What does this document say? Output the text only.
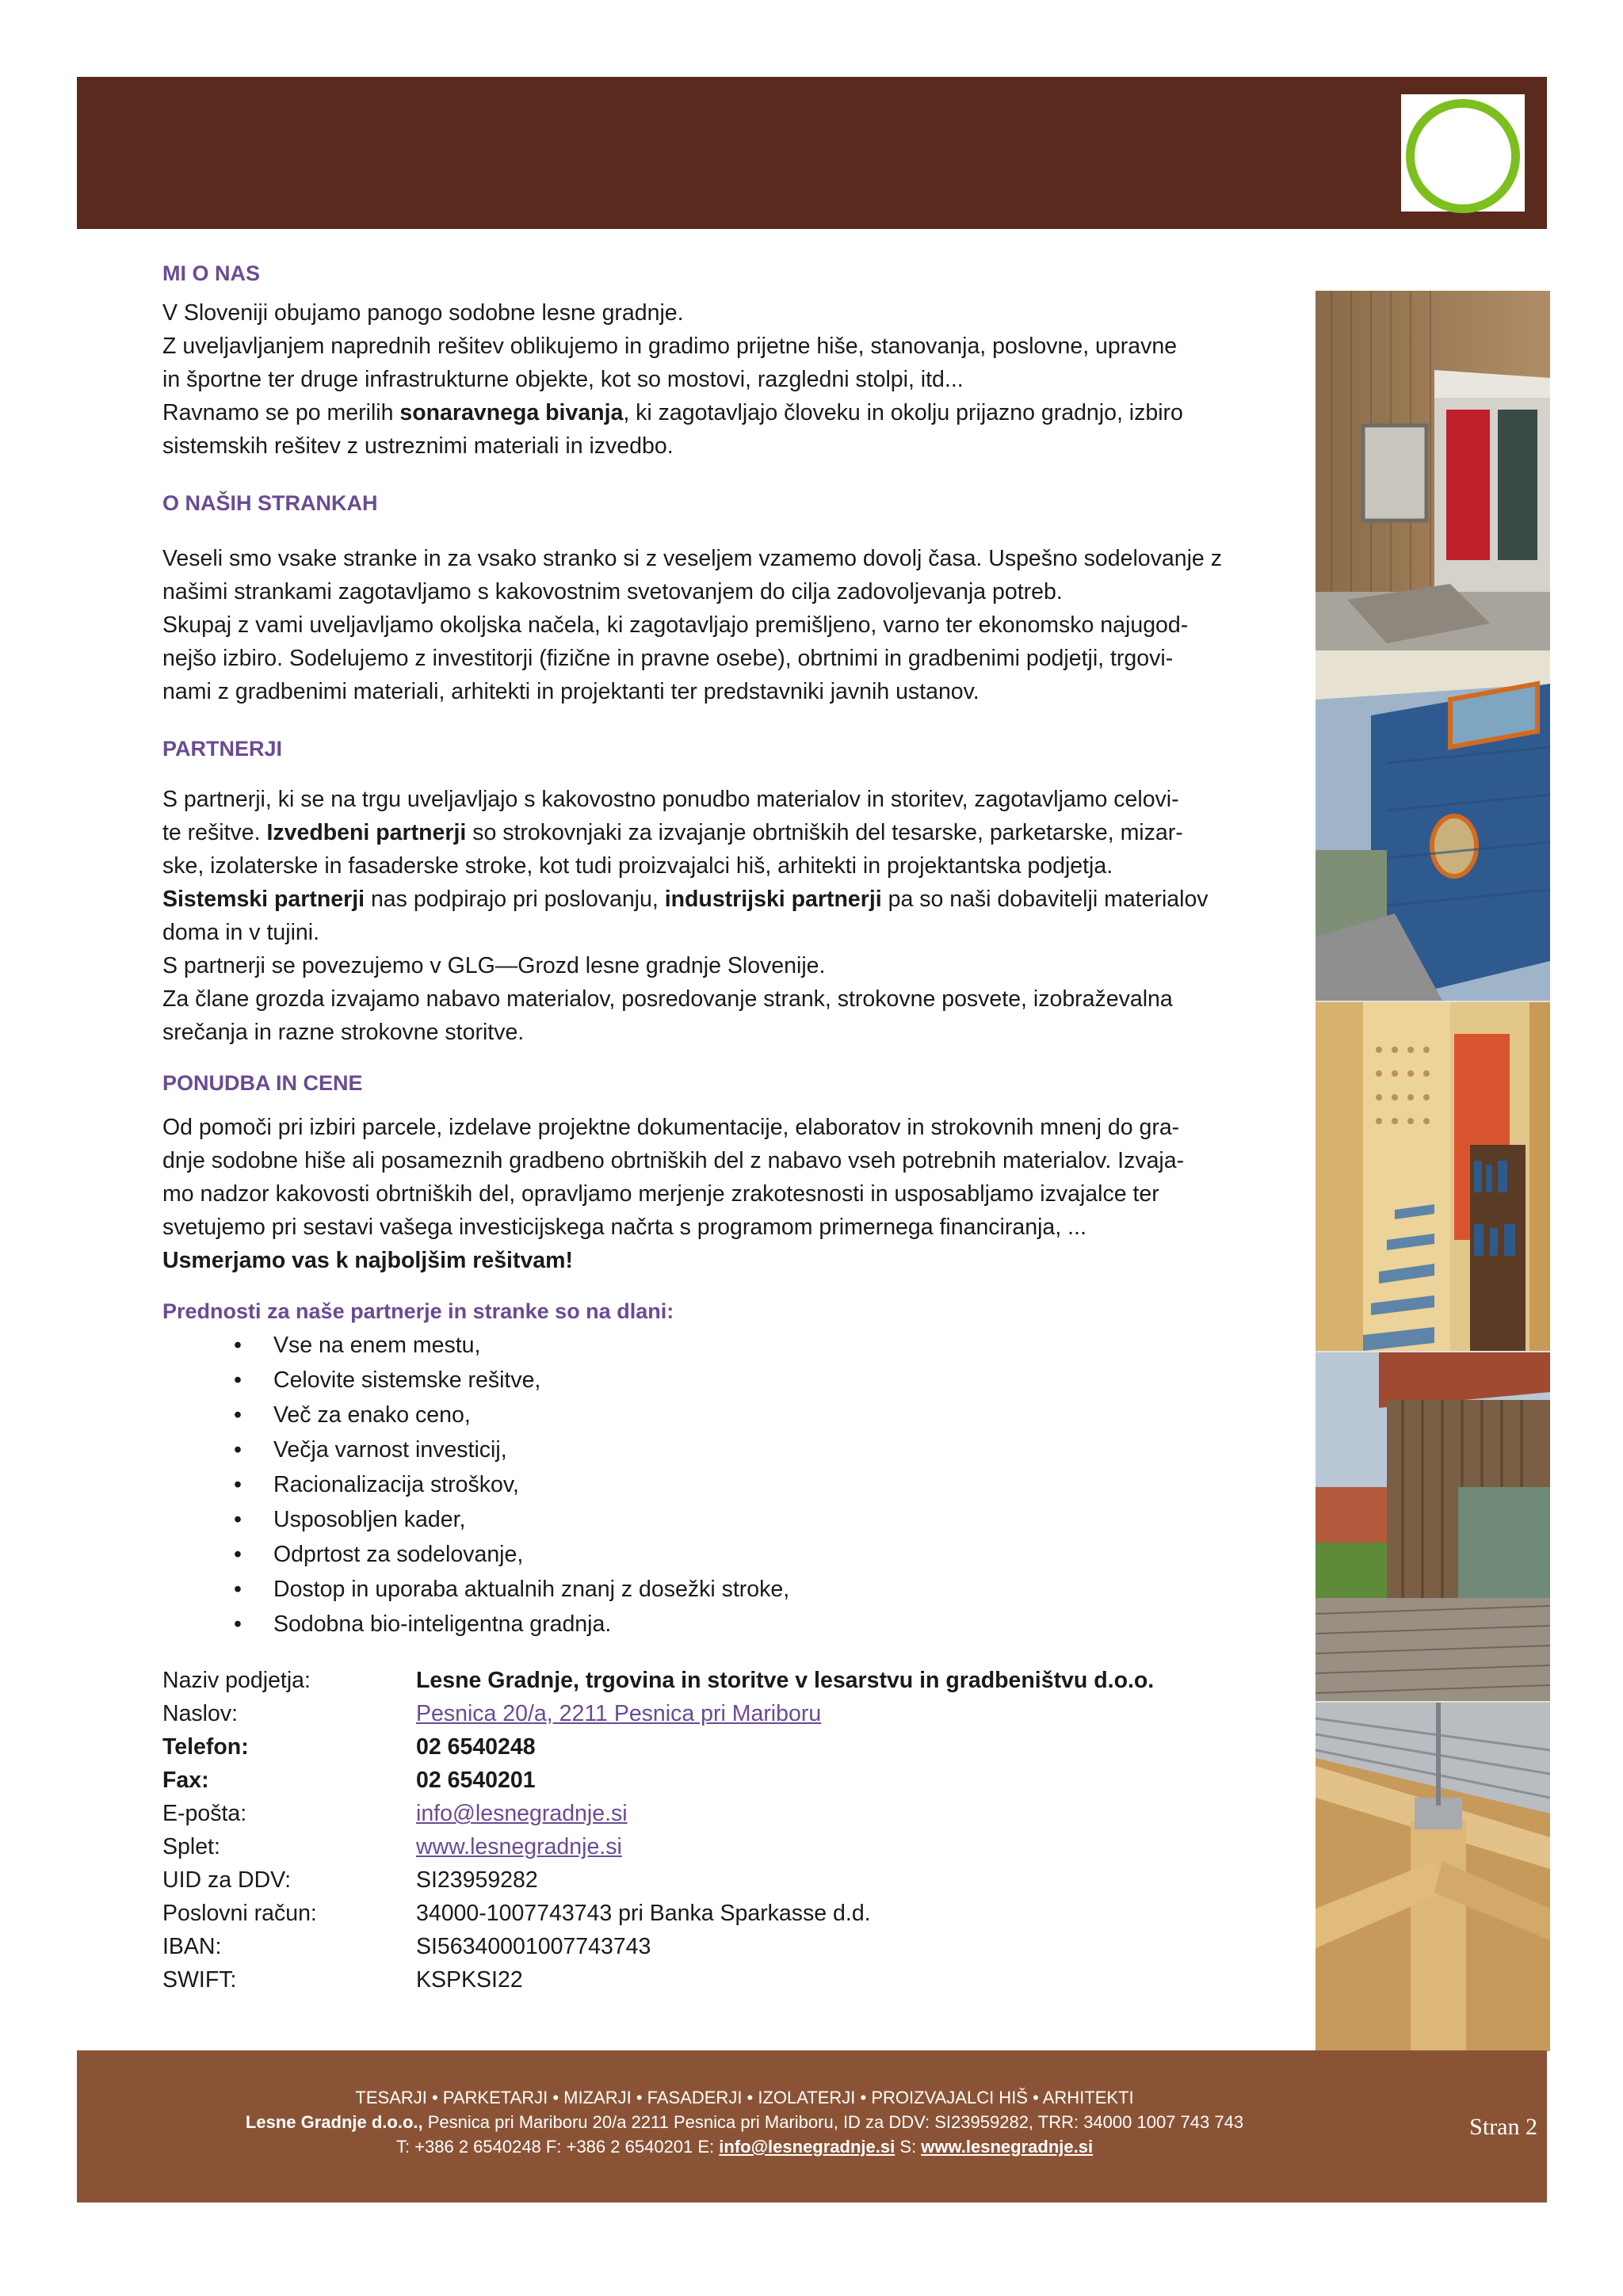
MI O NAS
V Sloveniji obujamo panogo sodobne lesne gradnje.
Z uveljavljanjem naprednih rešitev oblikujemo in gradimo prijetne hiše, stanovanja, poslovne, upravne
in športne ter druge infrastrukturne objekte, kot so mostovi, razgledni stolpi, itd...
Ravnamo se po merilih sonaravnega bivanja, ki zagotavljajo človeku in okolju prijazno gradnjo, izbiro
sistemskih rešitev z ustreznimi materiali in izvedbo.
O NAŠIH STRANKAH
Veseli smo vsake stranke in za vsako stranko si z veseljem vzamemo dovolj časa. Uspešno sodelovanje z
našimi strankami zagotavljamo s kakovostnim svetovanjem do cilja zadovoljevanja potreb.
Skupaj z vami uveljavljamo okoljska načela, ki zagotavljajo premišljeno, varno ter ekonomsko najugod-
nejšo izbiro. Sodelujemo z investitorji (fizične in pravne osebe), obrtnimi in gradbenimi podjetji, trgovi-
nami z gradbenimi materiali, arhitekti in projektanti ter predstavniki javnih ustanov.
PARTNERJI
S partnerji, ki se na trgu uveljavljajo s kakovostno ponudbo materialov in storitev, zagotavljamo celovi-
te rešitve. Izvedbeni partnerji so strokovnjaki za izvajanje obrtniških del tesarske, parketarske, mizar-
ske, izolaterske in fasaderske stroke, kot tudi proizvajalci hiš, arhitekti in projektantska podjetja.
Sistemski partnerji nas podpirajo pri poslovanju, industrijski partnerji pa so naši dobavitelji materialov
doma in v tujini.
S partnerji se povezujemo v GLG—Grozd lesne gradnje Slovenije.
Za člane grozda izvajamo nabavo materialov, posredovanje strank, strokovne posvete, izobraževalna
srečanja in razne strokovne storitve.
PONUDBA IN CENE
Od pomoči pri izbiri parcele, izdelave projektne dokumentacije, elaboratov in strokovnih mnenj do gra-
dnje sodobne hiše ali posameznih gradbeno obrtniških del z nabavo vseh potrebnih materialov. Izvaja-
mo nadzor kakovosti obrtniških del, opravljamo merjenje zrakotesnosti in usposabljamo izvajalce ter
svetujemo pri sestavi vašega investicijskega načrta s programom primernega financiranja, ...
Usmerjamo vas k najboljšim rešitvam!
Prednosti za naše partnerje in stranke so na dlani:
• Vse na enem mestu,
• Celovite sistemske rešitve,
• Več za enako ceno,
• Večja varnost investicij,
• Racionalizacija stroškov,
• Usposobljen kader,
• Odprtost za sodelovanje,
• Dostop in uporaba aktualnih znanj z dosežki stroke,
• Sodobna bio-inteligentna gradnja.
Naziv podjetja:	Lesne Gradnje, trgovina in storitve v lesarstvu in gradbeništvu d.o.o.
Naslov:	Pesnica 20/a, 2211 Pesnica pri Mariboru
Telefon:	02 6540248
Fax:	02 6540201
E-pošta:	info@lesnegradnje.si
Splet:	www.lesnegradnje.si
UID za DDV:	SI23959282
Poslovni račun:	34000-1007743743 pri Banka Sparkasse d.d.
IBAN:	SI56340001007743743
SWIFT:	KSPKSI22
TESARJI • PARKETARJI • MIZARJI • FASADERJI • IZOLATERJI • PROIZVAJALCI HIŠ • ARHITEKTI
Lesne Gradnje d.o.o., Pesnica pri Mariboru 20/a 2211 Pesnica pri Mariboru, ID za DDV: SI23959282, TRR: 34000 1007 743 743
T: +386 2 6540248 F: +386 2 6540201 E: info@lesnegradnje.si S: www.lesnegradnje.si
Stran 2
